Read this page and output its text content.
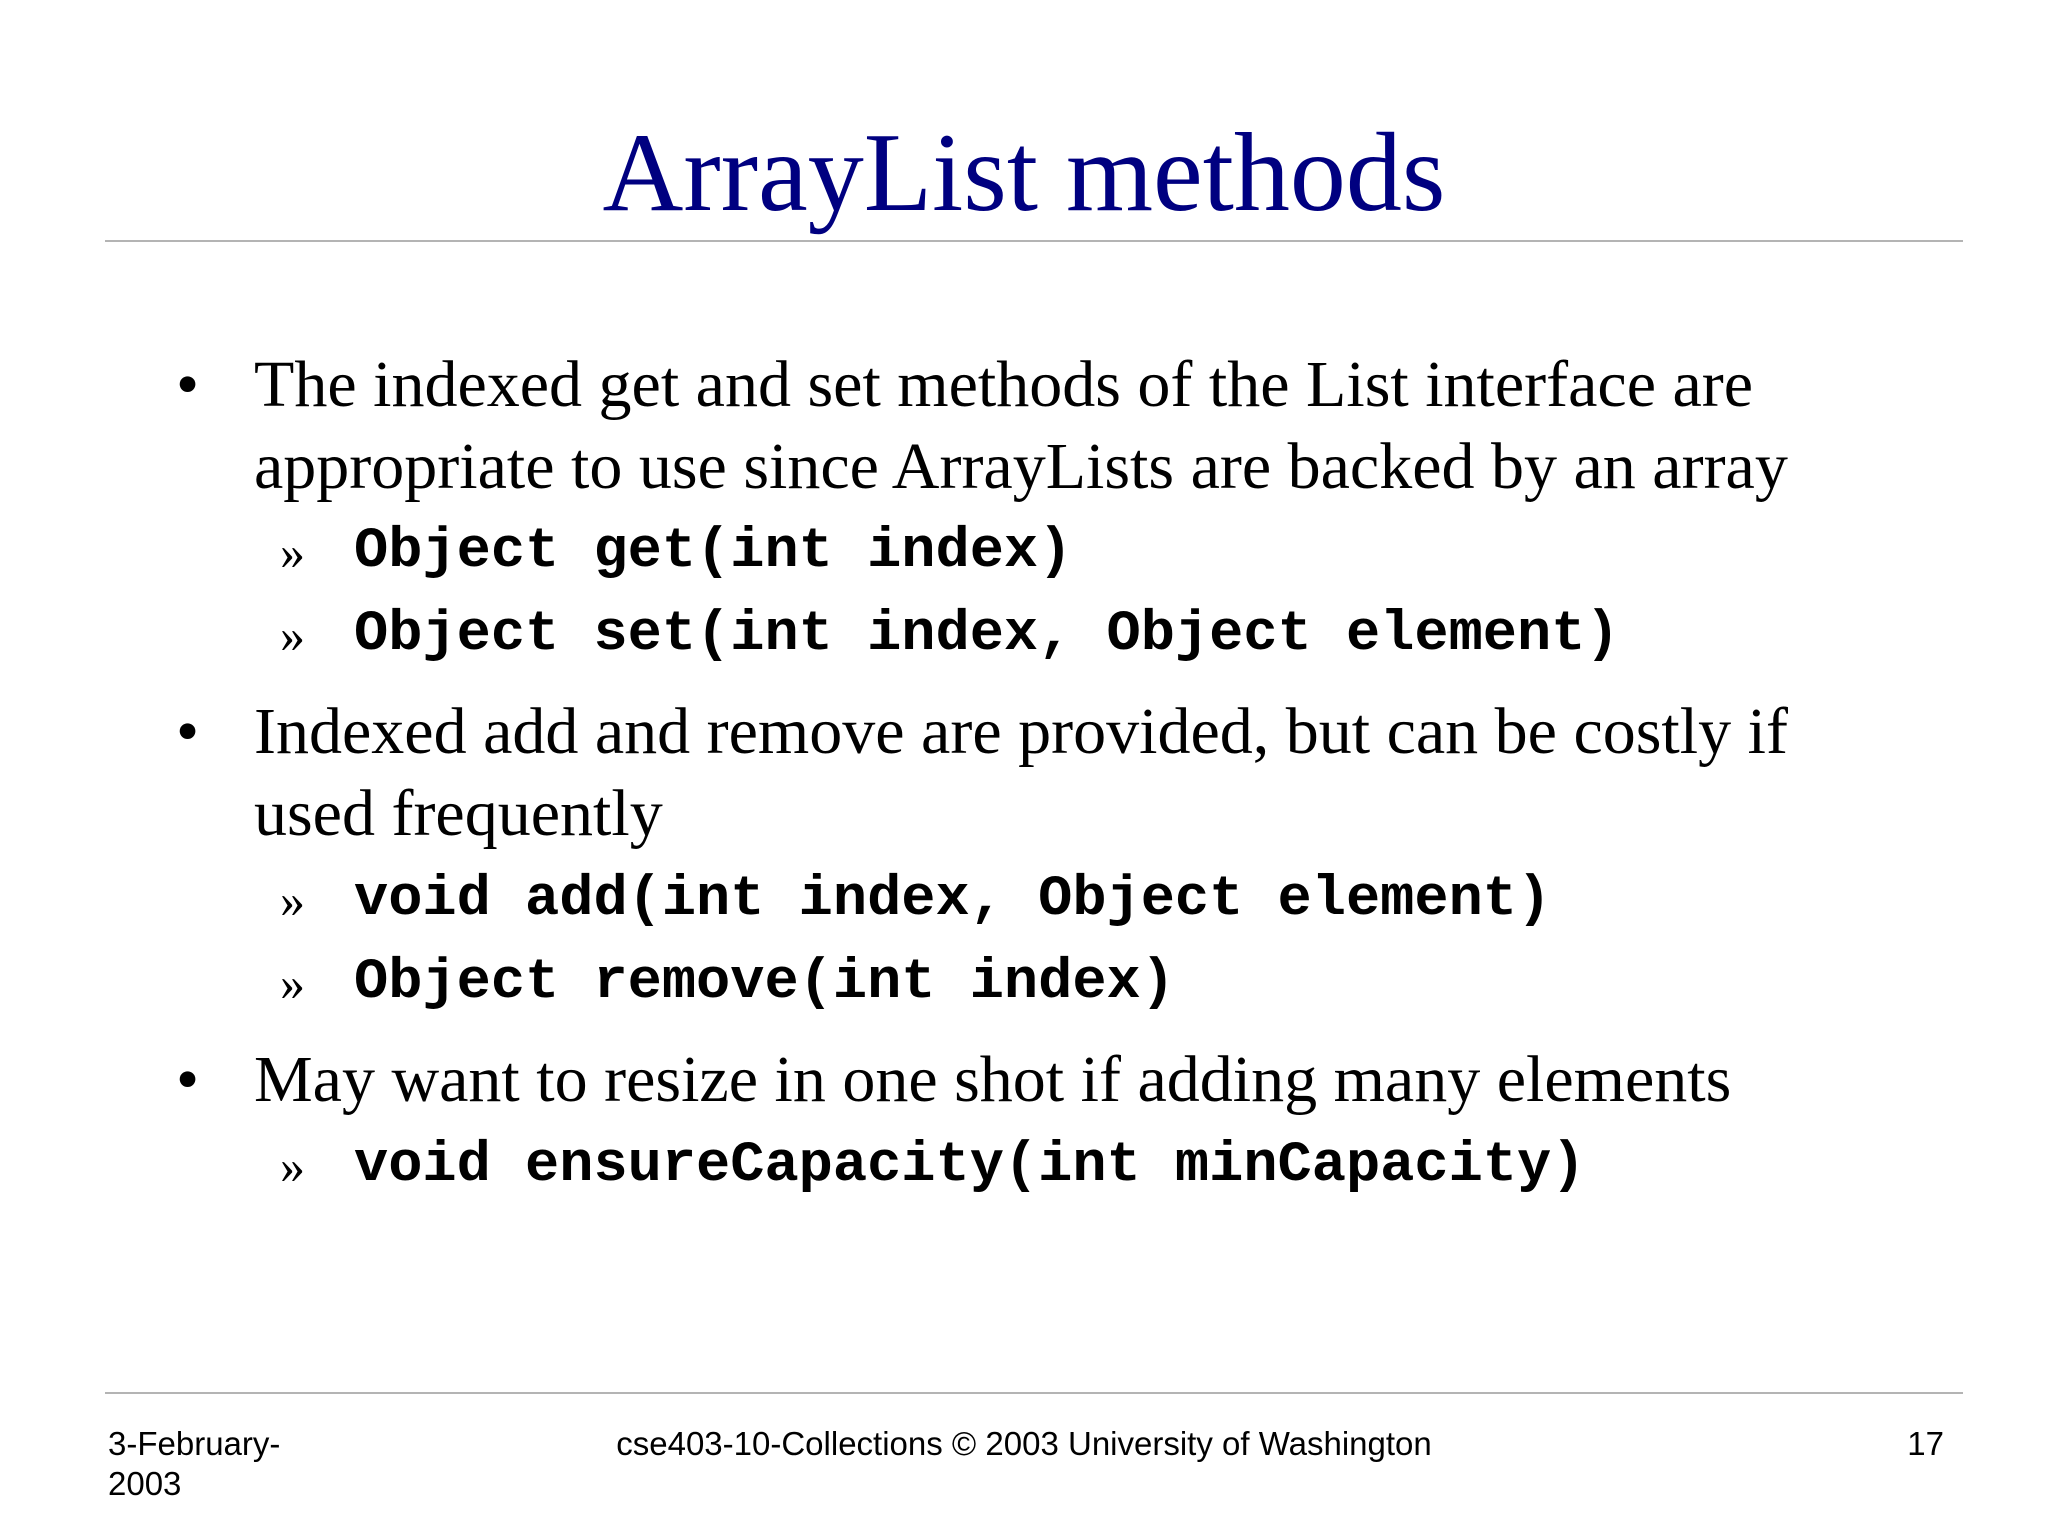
ArrayList methods
• The indexed get and set methods of the List interface are
appropriate to use since ArrayLists are backed by an array
» Object get(int index)
» Object set(int index, Object element)
• Indexed add and remove are provided, but can be costly if
used frequently
» void add(int index, Object element)
» Object remove(int index)
• May want to resize in one shot if adding many elements
» void ensureCapacity(int minCapacity)
3-February-2003
cse403-10-Collections © 2003 University of Washington	17
